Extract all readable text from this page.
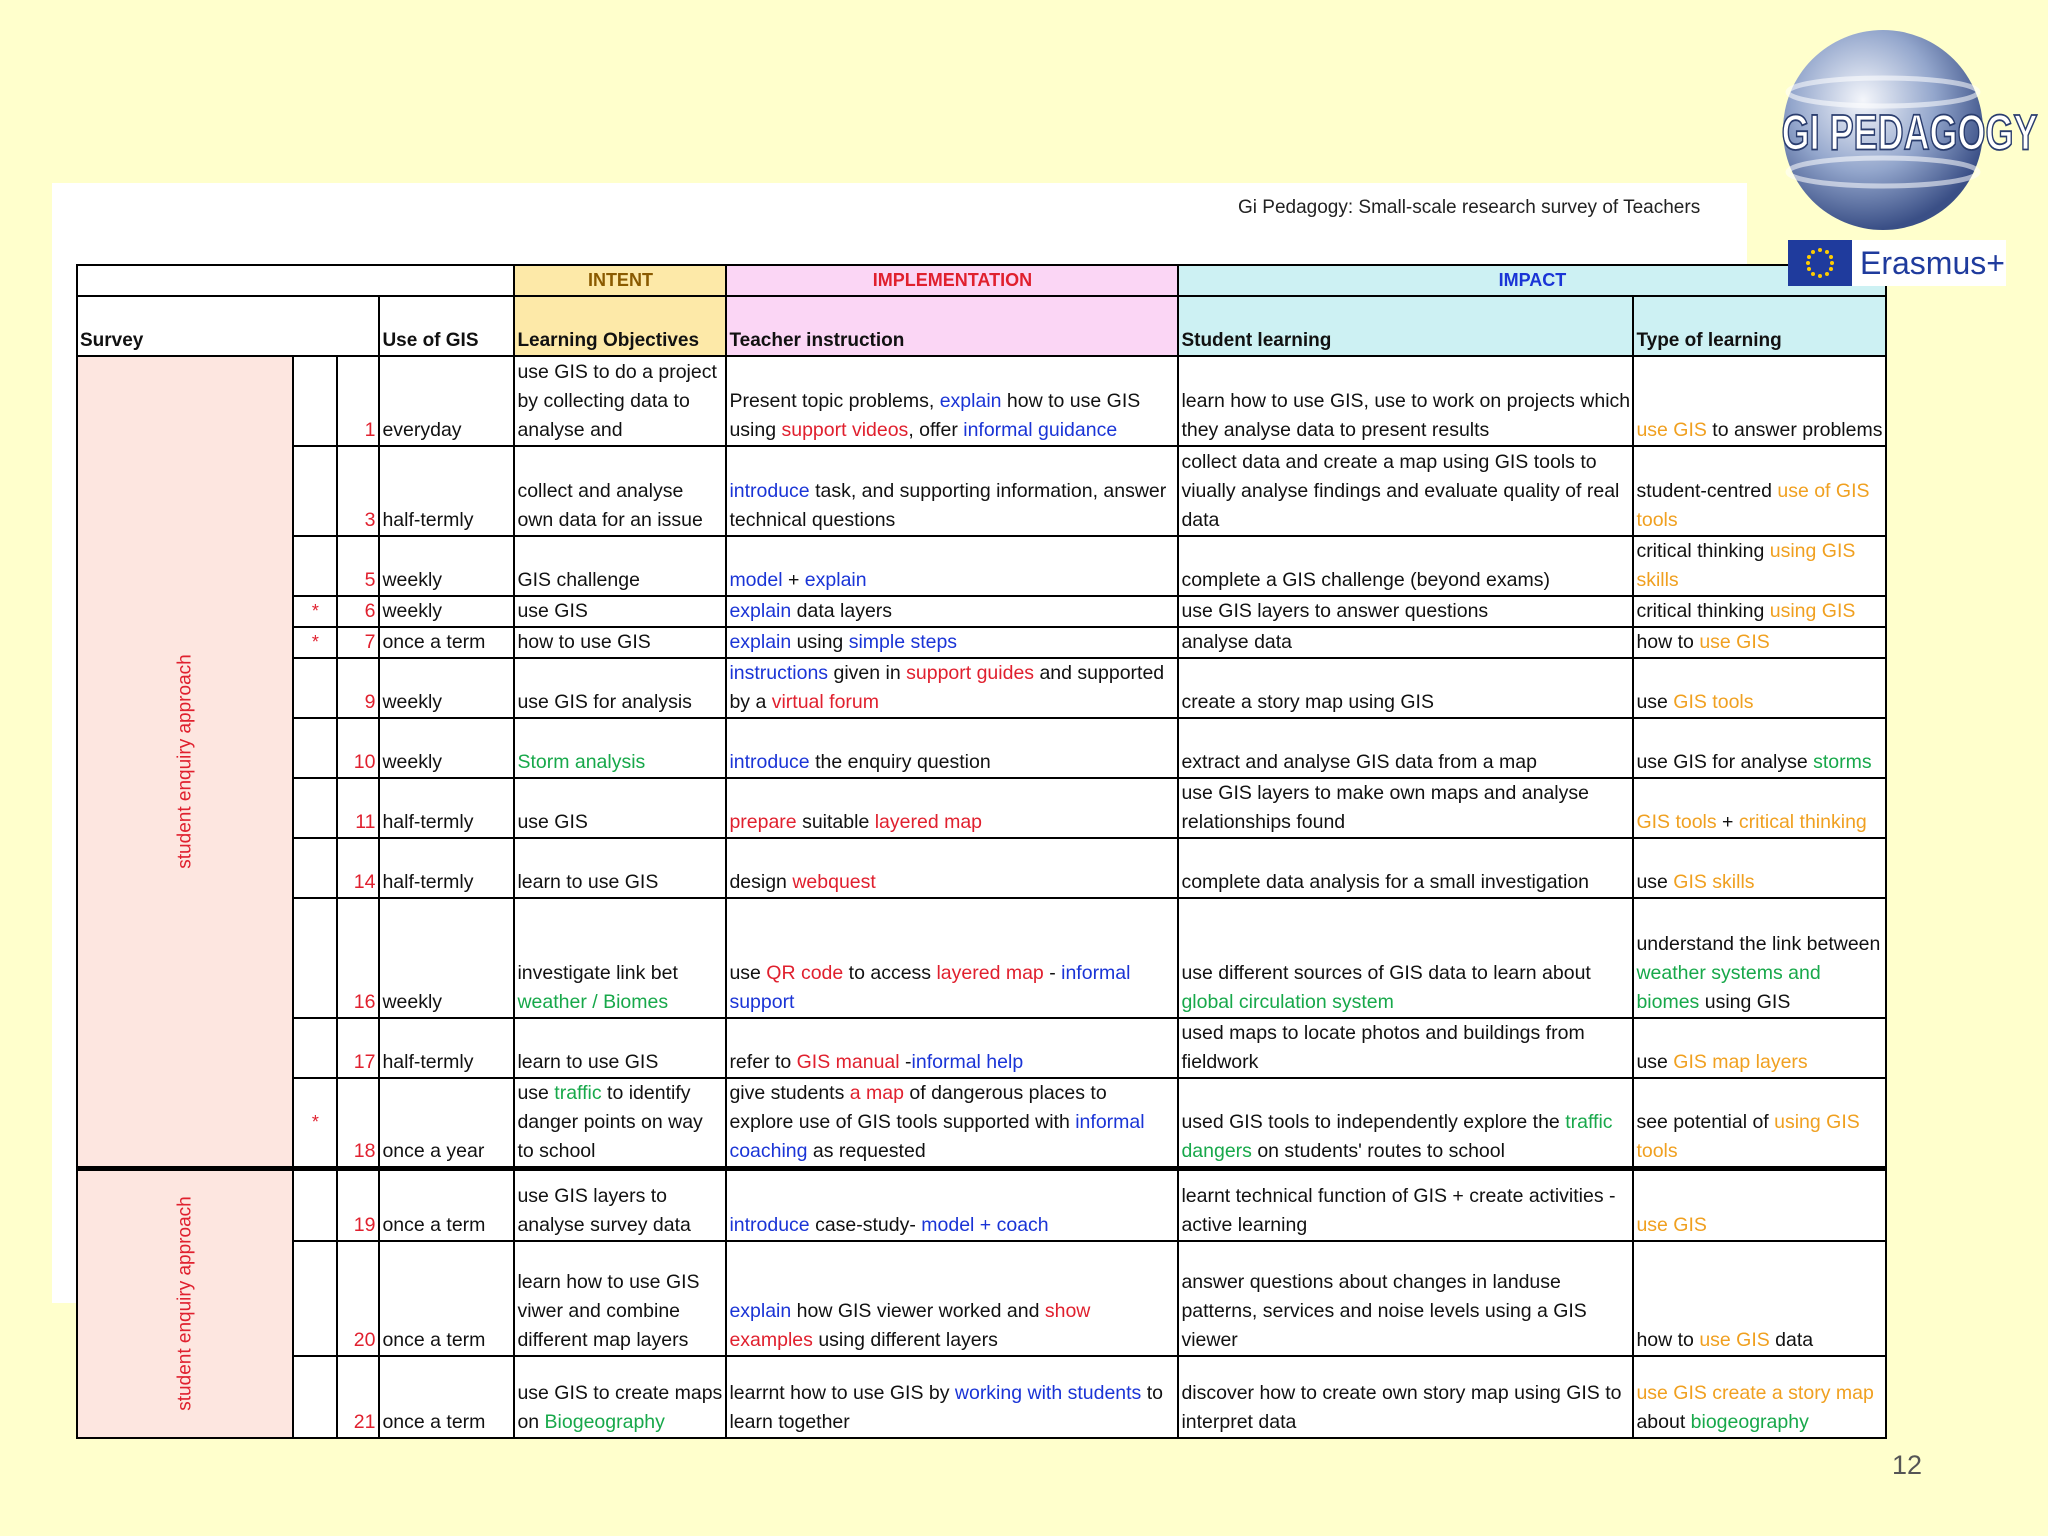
Gi Pedagogy: Small-scale research survey of Teachers
				INTENT	IMPLEMENTATION	IMPACT	
Survey			Use of GIS	Learning Objectives	Teacher instruction	Student learning	Type of learning
student enquiry approach		1	everyday	use GIS to do a project by collecting data to analyse and	Present topic problems, explain how to use GIS using support videos, offer informal guidance	learn how to use GIS, use to work on projects which they analyse data to present results	use GIS to answer problems
		3	half-termly	collect and analyse own data for an issue	introduce task, and supporting information, answer technical questions	collect data and create a map using GIS tools to viually analyse findings and evaluate quality of real data	student-centred use of GIS tools
		5	weekly	GIS challenge	model + explain	complete a GIS challenge (beyond exams)	critical thinking using GIS skills
	*	6	weekly	use GIS	explain data layers	use GIS layers to answer questions	critical thinking using GIS
	*	7	once a term	how to use GIS	explain using simple steps	analyse data	how to use GIS
		9	weekly	use GIS for analysis	instructions given in support guides and supported by a virtual forum	create a story map using GIS	use GIS tools
		10	weekly	Storm analysis	introduce the enquiry question	extract and analyse GIS data from a map	use GIS for analyse storms
		11	half-termly	use GIS	prepare suitable layered map	use GIS layers to make own maps and analyse relationships found	GIS tools + critical thinking
		14	half-termly	learn to use GIS	design webquest	complete data analysis for a small investigation	use GIS skills
		16	weekly	investigate link bet weather / Biomes	use QR code to access layered map - informal support	use different sources of GIS data to learn about global circulation system	understand the link between weather systems and biomes using GIS
		17	half-termly	learn to use GIS	refer to GIS manual -informal help	used maps to locate photos and buildings from fieldwork	use GIS map layers
	*	18	once a year	use traffic to identify danger points on way to school	give students a map of dangerous places to explore use of GIS tools supported with informal coaching as requested	used GIS tools to independently explore the traffic dangers on students' routes to school	see potential of using GIS tools
student enquiry approach		19	once a term	use GIS layers to analyse survey data	introduce case-study- model + coach	learnt technical function of GIS + create activities - active learning	use GIS
		20	once a term	learn how to use GIS viwer and combine different map layers	explain how GIS viewer worked and show examples using different layers	answer questions about changes in landuse patterns, services and noise levels using a GIS viewer	how to use GIS data
		21	once a term	use GIS to create maps on Biogeography	learrnt how to use GIS by working with students to learn together	discover how to create own story map using GIS to interpret data	use GIS create a story map about biogeography
GI PEDAGOGY
Erasmus+
12
